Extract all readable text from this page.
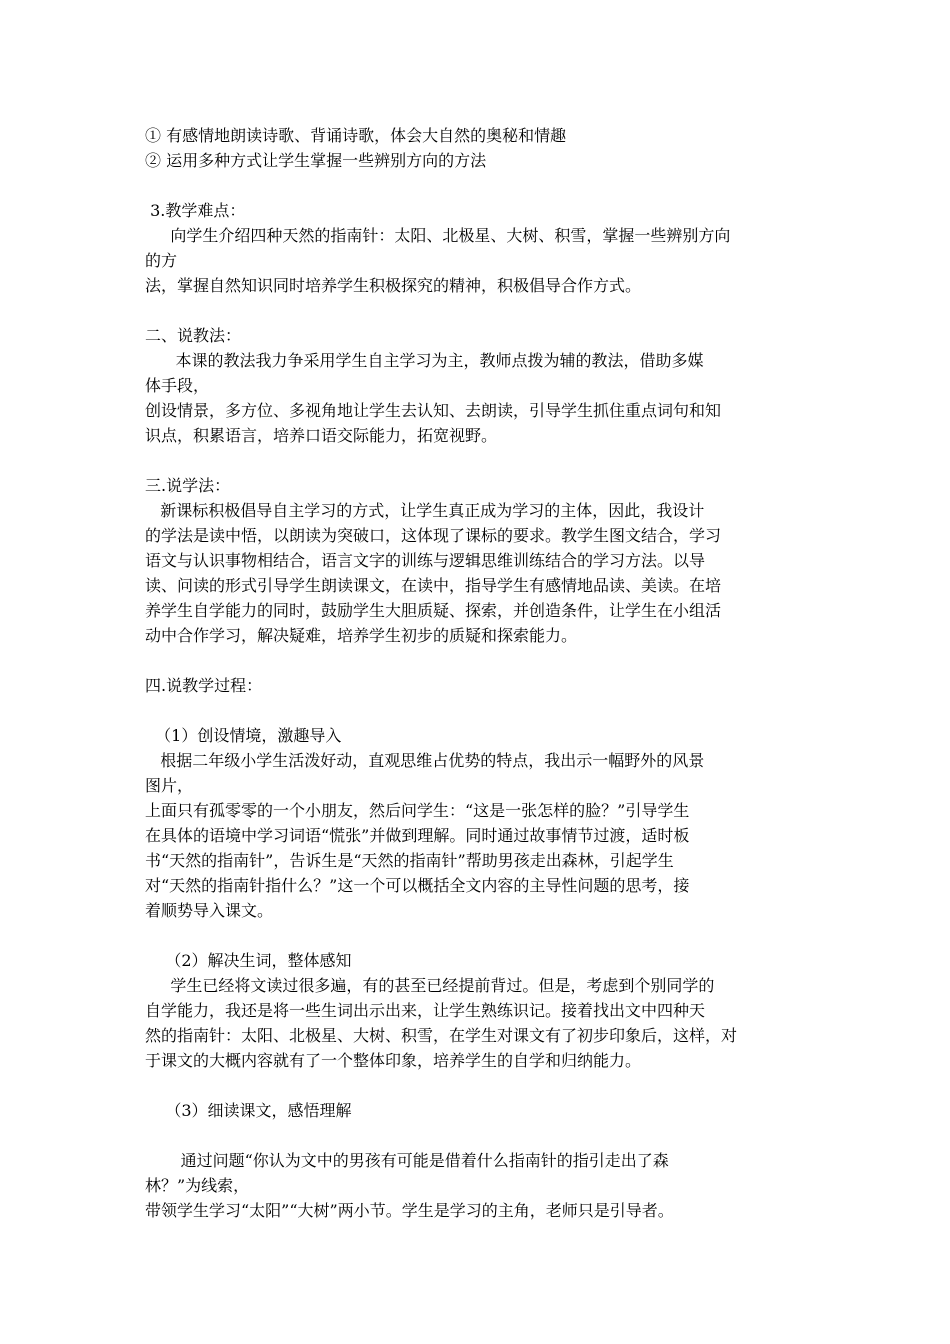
① 有感情地朗读诗歌、背诵诗歌，体会大自然的奥秘和情趣

② 运用多种方式让学生掌握一些辨别方向的方法

3.教学难点：

向学生介绍四种天然的指南针：太阳、北极星、大树、积雪，掌握一些辨别方向

的方

法，掌握自然知识同时培养学生积极探究的精神，积极倡导合作方式。

二、说教法：

本课的教法我力争采用学生自主学习为主，教师点拨为辅的教法，借助多媒

体手段，

创设情景，多方位、多视角地让学生去认知、去朗读，引导学生抓住重点词句和知

识点，积累语言，培养口语交际能力，拓宽视野。

三.说学法：

新课标积极倡导自主学习的方式，让学生真正成为学习的主体，因此，我设计

的学法是读中悟，以朗读为突破口，这体现了课标的要求。教学生图文结合，学习

语文与认识事物相结合，语言文字的训练与逻辑思维训练结合的学习方法。以导

读、问读的形式引导学生朗读课文，在读中，指导学生有感情地品读、美读。在培

养学生自学能力的同时，鼓励学生大胆质疑、探索，并创造条件，让学生在小组活

动中合作学习，解决疑难，培养学生初步的质疑和探索能力。

四.说教学过程：

（1）创设情境，激趣导入

根据二年级小学生活泼好动，直观思维占优势的特点，我出示一幅野外的风景

图片，

上面只有孤零零的一个小朋友，然后问学生：“这是一张怎样的脸？”引导学生

在具体的语境中学习词语“慌张”并做到理解。同时通过故事情节过渡，适时板

书“天然的指南针”，告诉生是“天然的指南针”帮助男孩走出森林，引起学生

对“天然的指南针指什么？”这一个可以概括全文内容的主导性问题的思考，接

着顺势导入课文。

（2）解决生词，整体感知

学生已经将文读过很多遍，有的甚至已经提前背过。但是，考虑到个别同学的

自学能力，我还是将一些生词出示出来，让学生熟练识记。接着找出文中四种天

然的指南针：太阳、北极星、大树、积雪，在学生对课文有了初步印象后，这样，对

于课文的大概内容就有了一个整体印象，培养学生的自学和归纳能力。

（3）细读课文，感悟理解

通过问题“你认为文中的男孩有可能是借着什么指南针的指引走出了森

林？”为线索，

带领学生学习“太阳”“大树”两小节。学生是学习的主角，老师只是引导者。
